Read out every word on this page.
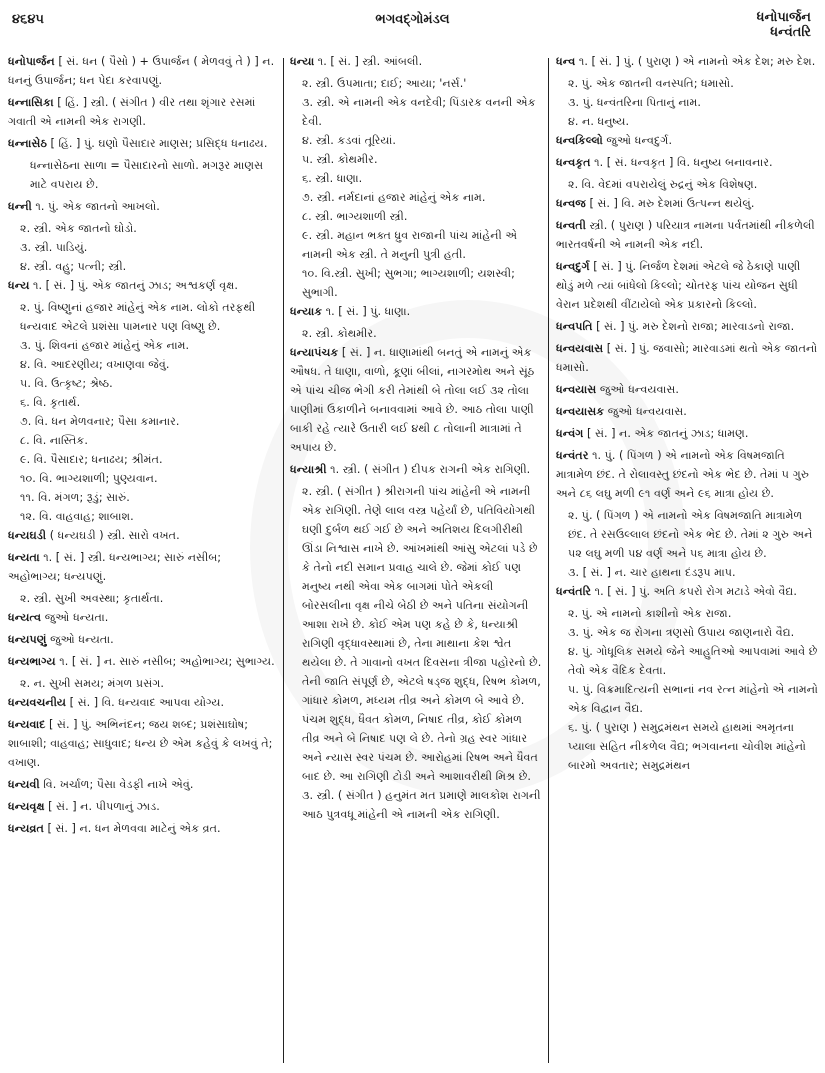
૪૬૪૫	ભગવદ્ગોમંડલ	ધનોપાર્જન
ધન્વંતરિ
ધનોપાર્જન [ સં. ધન ( પૈસો ) + ઉપાર્જન ( મેળવવું તે ) ] ન. ધનનું ઉપાર્જન; ધન પેદા કરવાપણું.
ધન્નાસિકા [ હિં. ] સ્ત્રી. ( સંગીત ) વીર તથા શૃંગાર રસમાં ગવાતી એ નામની એક રાગણી.
ધન્નાસેઠ [ હિં. ] પું. ઘણો પૈસાદાર માણસ; પ્રસિદ્ધ ધનાઢય.
ધન્નાસેઠના સાળા = પૈસાદારનો સાળો. મગરૂર માણસ માટે વપરાય છે.
ધન્ની ૧. પું. એક જાતનો આખલો.
૨. સ્ત્રી. એક જાતનો ઘોડો.
૩. સ્ત્રી. પાડિયું.
૪. સ્ત્રી. વહુ; પત્ની; સ્ત્રી.
ધન્ય ૧. [ સં. ] પું. એક જાતનું ઝાડ; અશ્વકર્ણ વૃક્ષ.
૨. પું. વિષ્ણુનાં હજાર માંહેનું એક નામ. લોકો તરફથી ધન્યવાદ એટલે પ્રશંસા પામનાર પણ વિષ્ણુ છે.
૩. પું. શિવનાં હજાર માંહેનું એક નામ.
૪. વિ. આદરણીય; વખાણવા જેવું.
૫. વિ. ઉત્કૃષ્ટ; શ્રેષ્ઠ.
૬. વિ. કૃતાર્થ.
૭. વિ. ધન મેળવનાર; પૈસા કમાનાર.
૮. વિ. નાસ્તિક.
૯. વિ. પૈસાદાર; ધનાઢય; શ્રીમંત.
૧૦. વિ. ભાગ્યશાળી; પુણ્યવાન.
૧૧. વિ. મંગળ; રૂડું; સારું.
૧૨. વિ. વાહવાહ; શાબાશ.
ધન્યઘડી ( ધન્યઘડી ) સ્ત્રી. સારો વખત.
ધન્યતા ૧. [ સં. ] સ્ત્રી. ધન્યભાગ્ય; સારું નસીબ; અહોભાગ્ય; ધન્યપણું.
૨. સ્ત્રી. સુખી અવસ્થા; કૃતાર્થતા.
ધન્યત્વ જુઓ ધન્યતા.
ધન્યપણું જુઓ ધન્યતા.
ધન્યભાગ્ય ૧. [ સં. ] ન. સારું નસીબ; અહોભાગ્ય; સુભાગ્ય.
૨. ન. સુખી સમય; મંગળ પ્રસંગ.
ધન્યવચનીય [ સં. ] વિ. ધન્યવાદ આપવા યોગ્ય.
ધન્યવાદ [ સં. ] પું. અભિનંદન; જય શબ્દ; પ્રશંસાઘોષ; શાબાશી; વાહવાહ; સાધુવાદ; ધન્ય છે એમ કહેવું કે લખવું તે; વખાણ.
ધન્યવી વિ. ખર્ચાળ; પૈસા વેડફી નાખે એવું.
ધન્યવૃક્ષ [ સં. ] ન. પીપળાનું ઝાડ.
ધન્યવ્રત [ સં. ] ન. ધન મેળવવા માટેનું એક વ્રત.
ધન્યા ૧. [ સં. ] સ્ત્રી. આંબલી.
૨. સ્ત્રી. ઉપમાતા; દાઈ; આયા; 'નર્સ.'
૩. સ્ત્રી. એ નામની એક વનદેવી; પિંડારક વનની એક દેવી.
૪. સ્ત્રી. કડવાં તૂરિયાં.
૫. સ્ત્રી. કોથમીર.
૬. સ્ત્રી. ધાણા.
૭. સ્ત્રી. નર્મદાનાં હજાર માંહેનું એક નામ.
૮. સ્ત્રી. ભાગ્યશાળી સ્ત્રી.
૯. સ્ત્રી. મહાન ભક્ત ધ્રુવ રાજાની પાંચ માંહેની એ નામની એક સ્ત્રી. તે મનુની પુત્રી હતી.
૧૦. વિ.સ્ત્રી. સુખી; સુભગા; ભાગ્યશાળી; યશસ્વી; સુભાગી.
ધન્યાક ૧. [ સં. ] પું. ધાણા.
૨. સ્ત્રી. કોથમીર.
ધન્યાપંચક [ સં. ] ન. ધાણામાંથી બનતું એ નામનું એક ઔષધ. તે ધાણા, વાળો, કૂણાં બીલાં, નાગરમોથ અને સૂંઠ એ પાંચ ચીજ ભેગી કરી તેમાંથી બે તોલા લઈ ૩૨ તોલા પાણીમાં ઉકાળીને બનાવવામાં આવે છે. આઠ તોલા પાણી બાકી રહે ત્યારે ઉતારી લઈ ૪થી ૮ તોલાની માત્રામાં તે અપાય છે.
ધન્યાશ્રી ૧. સ્ત્રી. ( સંગીત ) દીપક રાગની એક રાગિણી.
૨. સ્ત્રી. ( સંગીત ) શ્રીરાગની પાંચ માંહેની એ નામની એક રાગિણી. તેણે લાલ વસ્ત્ર પહેર્યાં છે, પતિવિયોગથી ઘણી દુર્બળ થઈ ગઈ છે અને અતિશય દિલગીરીથી ઊંડા નિશ્વાસ નાખે છે. આંખમાંથી આંસુ એટલાં પડે છે કે તેનો નદી સમાન પ્રવાહ ચાલે છે. જેમાં કોઈ પણ મનુષ્ય નથી એવા એક બાગમાં પોતે એકલી બોરસલીના વૃક્ષ નીચે બેઠી છે અને પતિના સંયોગની આશા રાખે છે. કોઈ એમ પણ કહે છે કે, ધન્યાશ્રી રાગિણી વૃદ્ધાવસ્થામાં છે, તેના માથાના કેશ શ્વેત થયેલા છે. તે ગાવાનો વખત દિવસના ત્રીજા પહોરનો છે. તેની જાતિ સંપૂર્ણ છે, એટલે ષડ્જ શુદ્ધ, રિષભ કોમળ, ગાંધાર કોમળ, મધ્યમ તીવ્ર અને કોમળ બે આવે છે. પંચમ શુદ્ધ, ધૈવત કોમળ, નિષાદ તીવ્ર, કોઈ કોમળ તીવ્ર અને બે નિષાદ પણ લે છે. તેનો ગ્રહ સ્વર ગાંધાર અને ન્યાસ સ્વર પંચમ છે. આરોહમાં રિષભ અને ધૈવત બાદ છે. આ રાગિણી ટોડી અને આશાવરીથી મિશ્ર છે.
૩. સ્ત્રી. ( સંગીત ) હનુમંત મત પ્રમાણે માલકોશ રાગની આઠ પુત્રવધૂ માંહેની એ નામની એક રાગિણી.
ધન્વ ૧. [ સં. ] પું. ( પુરાણ ) એ નામનો એક દેશ; મરુ દેશ.
૨. પું. એક જાતની વનસ્પતિ; ધમાસો.
૩. પું. ધન્વંતરિના પિતાનું નામ.
૪. ન. ધનુષ્ય.
ધન્વકિલ્લો જુઓ ધન્વદુર્ગ.
ધન્વકૃત ૧. [ સં. ધન્વકૃત ] વિ. ધનુષ્ય બનાવનાર.
૨. વિ. વેદમાં વપરાયેલું રુદ્રનું એક વિશેષણ.
ધન્વજ [ સં. ] વિ. મરુ દેશમાં ઉત્પન્ન થયેલું.
ધન્વતી સ્ત્રી. ( પુરાણ ) પરિયાત્ર નામના પર્વતમાંથી નીકળેલી ભારતવર્ષની એ નામની એક નદી.
ધન્વદુર્ગ [ સં. ] પું. નિર્જળ દેશમાં એટલે જે ઠેકાણે પાણી થોડું મળે ત્યાં બાંધેલો કિલ્લો; ચોતરફ પાંચ યોજન સુધી વેરાન પ્રદેશથી વીંટાયેલો એક પ્રકારનો કિલ્લો.
ધન્વપતિ [ સં. ] પું. મરુ દેશનો રાજા; મારવાડનો રાજા.
ધન્વયવાસ [ સં. ] પું. જવાસો; મારવાડમાં થતો એક જાતનો ધમાસો.
ધન્વયાસ જુઓ ધન્વયવાસ.
ધન્વયાસક જુઓ ધન્વયવાસ.
ધન્વંગ [ સં. ] ન. એક જાતનું ઝાડ; ધામણ.
ધન્વંતર ૧. પું. ( પિંગળ ) એ નામનો એક વિષમજાતિ માત્રામેળ છંદ. તે રોલાવસ્તુ છંદનો એક ભેદ છે. તેમાં ૫ ગુરુ અને ૮૬ લઘુ મળી ૯૧ વર્ણ અને ૯૬ માત્રા હોય છે.
૨. પું. ( પિંગળ ) એ નામનો એક વિષમજાતિ માત્રામેળ છંદ. તે રસઉલ્લાલ છંદનો એક ભેદ છે. તેમાં ૨ ગુરુ અને ૫૨ લઘુ મળી ૫૪ વર્ણ અને ૫૬ માત્રા હોય છે.
૩. [ સં. ] ન. ચાર હાથના દંડરૂપ માપ.
ધન્વંતરિ ૧. [ સં. ] પું. અતિ કપરો રોગ મટાડે એવો વૈદ્ય.
૨. પું. એ નામનો કાશીનો એક રાજા.
૩. પું. એક જ રોગના ત્રણસો ઉપાય જાણનારો વૈદ્ય.
૪. પું. ગોધૂલિક સમયે જેને આહુતિઓ આપવામાં આવે છે તેવો એક વૈદિક દેવતા.
૫. પું. વિક્રમાદિત્યની સભાનાં નવ રત્ન માંહેનો એ નામનો એક વિદ્વાન વૈદ્ય.
૬. પું. ( પુરાણ ) સમુદ્રમંથન સમયે હાથમાં અમૃતના પ્યાલા સહિત નીકળેલ વૈદ્ય; ભગવાનના ચોવીશ માંહેનો બારમો અવતાર; સમુદ્રમંથન
